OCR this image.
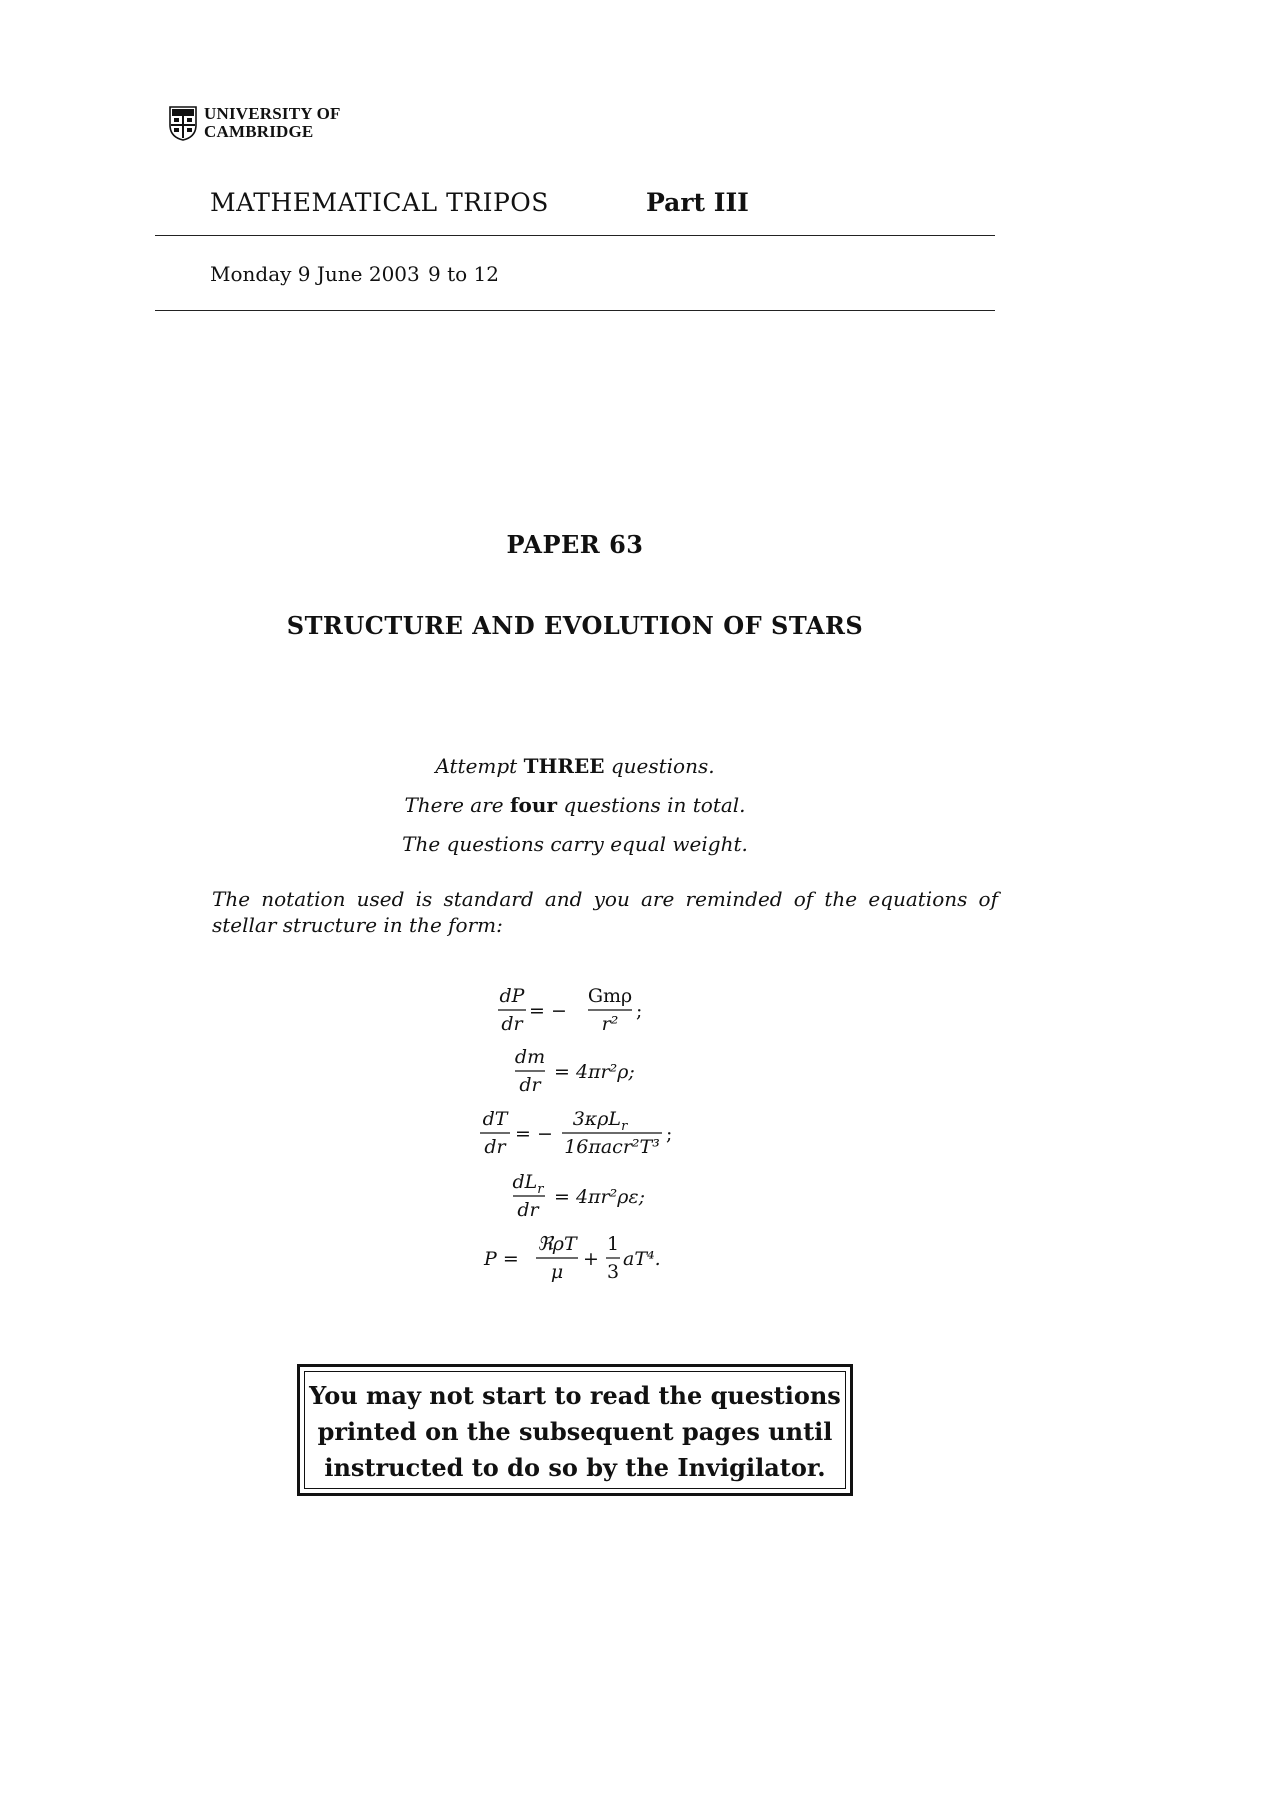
UNIVERSITY OF
CAMBRIDGE
MATHEMATICAL TRIPOS	Part III
Monday 9 June 2003 9 to 12
PAPER 63
STRUCTURE AND EVOLUTION OF STARS
Attempt THREE questions.
There are four questions in total.
The questions carry equal weight.
The notation used is standard and you are reminded of the equations of stellar structure in the form:
dP
dr
= −
Gmρ
r²
;
dm
dr
= 4πr²ρ;
dT
dr
= −
3κρL$_r$
16πacr²T³
;
$dL_r$
dr
= 4πr²ρε;
P =
ℜρT
μ
+
1
3
aT⁴.
You may not start to read the questions
printed on the subsequent pages until
instructed to do so by the Invigilator.
